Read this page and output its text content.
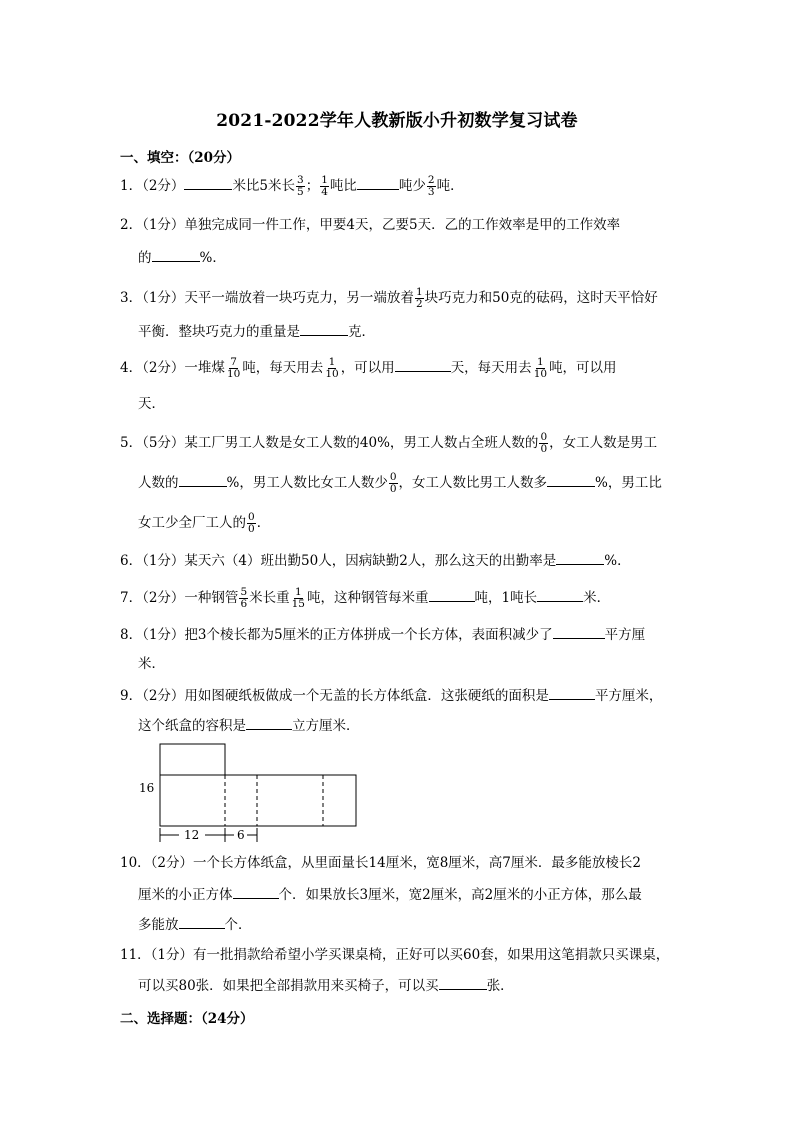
2021-2022学年人教新版小升初数学复习试卷
一、填空：（20分）
1．（2分）	米比5米长 $\frac{3}{5}$ ； $\frac{1}{4}$ 吨比	吨少 $\frac{2}{3}$ 吨．
2．（1分）单独完成同一件工作，甲要4天，乙要5天．乙的工作效率是甲的工作效率
的	%．
3．（1分）天平一端放着一块巧克力，另一端放着 $\frac{1}{2}$ 块巧克力和50克的砝码，这时天平恰好
平衡．整块巧克力的重量是	克．
4．（2分）一堆煤 $\frac{7}{10}$ 吨，每天用去 $\frac{1}{10}$ ，可以用	天，每天用去 $\frac{1}{10}$ 吨，可以用
天．
5．（5分）某工厂男工人数是女工人数的40%，男工人数占全班人数的 $\frac{0}{0}$ ，女工人数是男工
人数的	%，男工人数比女工人数少 $\frac{0}{0}$ ，女工人数比男工人数多	%，男工比
女工少全厂工人的 $\frac{0}{0}$ ．
6．（1分）某天六（4）班出勤50人，因病缺勤2人，那么这天的出勤率是	%．
7．（2分）一种钢管 $\frac{5}{6}$ 米长重 $\frac{1}{15}$ 吨，这种钢管每米重	吨，1吨长	米．
8．（1分）把3个棱长都为5厘米的正方体拼成一个长方体，表面积减少了	平方厘
米．
9．（2分）用如图硬纸板做成一个无盖的长方体纸盒．这张硬纸的面积是	平方厘米，
这个纸盒的容积是	立方厘米．
16
12	6
10．（2分）一个长方体纸盒，从里面量长14厘米，宽8厘米，高7厘米．最多能放棱长2
厘米的小正方体	个．如果放长3厘米，宽2厘米，高2厘米的小正方体，那么最
多能放	个．
11．（1分）有一批捐款给希望小学买课桌椅，正好可以买60套，如果用这笔捐款只买课桌，
可以买80张．如果把全部捐款用来买椅子，可以买	张．
二、选择题：（24分）
